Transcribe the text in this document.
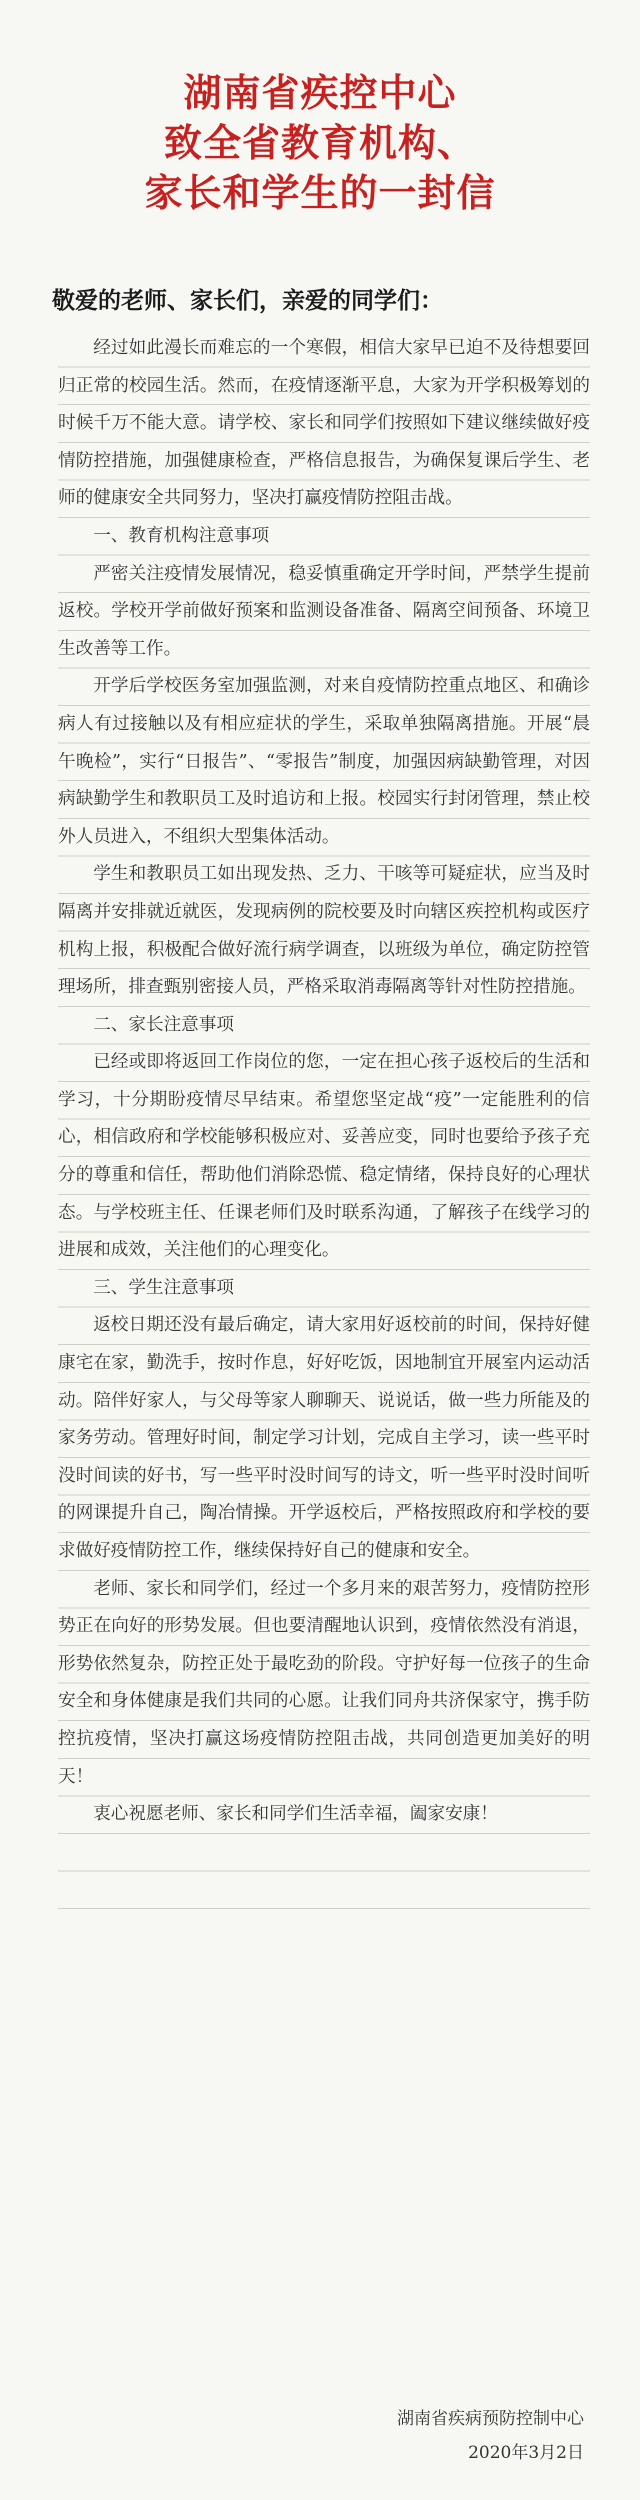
湖南省疾控中心
致全省教育机构、
家长和学生的一封信
敬爱的老师、家长们，亲爱的同学们：

经过如此漫长而难忘的一个寒假，相信大家早已迫不及待想要回归正常的校园生活。然而，在疫情逐渐平息，大家为开学积极筹划的时候千万不能大意。请学校、家长和同学们按照如下建议继续做好疫情防控措施，加强健康检查，严格信息报告，为确保复课后学生、老师的健康安全共同努力，坚决打赢疫情防控阻击战。

一、教育机构注意事项

严密关注疫情发展情况，稳妥慎重确定开学时间，严禁学生提前返校。学校开学前做好预案和监测设备准备、隔离空间预备、环境卫生改善等工作。

开学后学校医务室加强监测，对来自疫情防控重点地区、和确诊病人有过接触以及有相应症状的学生，采取单独隔离措施。开展“晨午晚检”，实行“日报告”、“零报告”制度，加强因病缺勤管理，对因病缺勤学生和教职员工及时追访和上报。校园实行封闭管理，禁止校外人员进入，不组织大型集体活动。

学生和教职员工如出现发热、乏力、干咳等可疑症状，应当及时隔离并安排就近就医，发现病例的院校要及时向辖区疾控机构或医疗机构上报，积极配合做好流行病学调查，以班级为单位，确定防控管理场所，排查甄别密接人员，严格采取消毒隔离等针对性防控措施。

二、家长注意事项

已经或即将返回工作岗位的您，一定在担心孩子返校后的生活和学习，十分期盼疫情尽早结束。希望您坚定战“疫”一定能胜利的信心，相信政府和学校能够积极应对、妥善应变，同时也要给予孩子充分的尊重和信任，帮助他们消除恐慌、稳定情绪，保持良好的心理状态。与学校班主任、任课老师们及时联系沟通，了解孩子在线学习的进展和成效，关注他们的心理变化。

三、学生注意事项

返校日期还没有最后确定，请大家用好返校前的时间，保持好健康宅在家，勤洗手，按时作息，好好吃饭，因地制宜开展室内运动活动。陪伴好家人，与父母等家人聊聊天、说说话，做一些力所能及的家务劳动。管理好时间，制定学习计划，完成自主学习，读一些平时没时间读的好书，写一些平时没时间写的诗文，听一些平时没时间听的网课提升自己，陶冶情操。开学返校后，严格按照政府和学校的要求做好疫情防控工作，继续保持好自己的健康和安全。

老师、家长和同学们，经过一个多月来的艰苦努力，疫情防控形势正在向好的形势发展。但也要清醒地认识到，疫情依然没有消退，形势依然复杂，防控正处于最吃劲的阶段。守护好每一位孩子的生命安全和身体健康是我们共同的心愿。让我们同舟共济保家守，携手防控抗疫情，坚决打赢这场疫情防控阻击战，共同创造更加美好的明天！

衷心祝愿老师、家长和同学们生活幸福，阖家安康！

湖南省疾病预防控制中心
2020年3月2日
